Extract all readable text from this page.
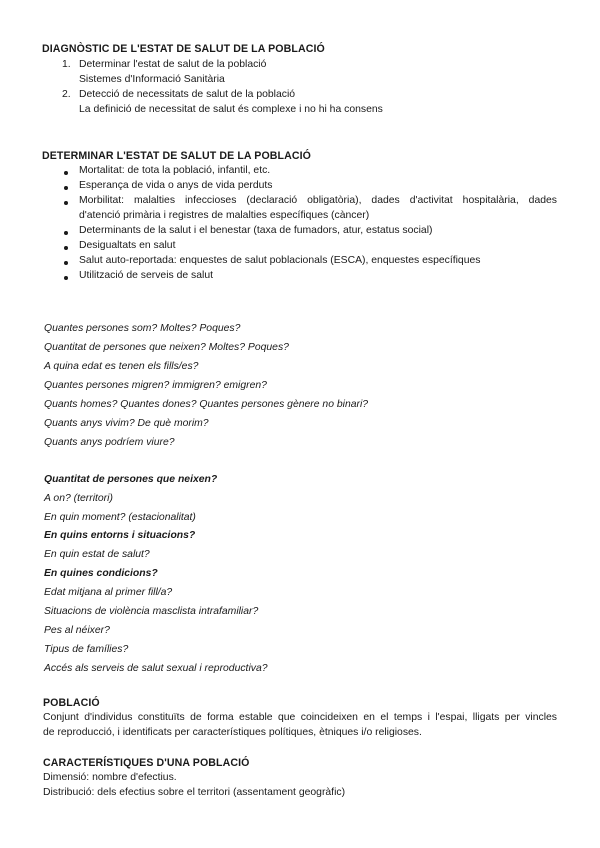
DIAGNÒSTIC DE L'ESTAT DE SALUT DE LA POBLACIÓ
1. Determinar l'estat de salut de la població
Sistemes d'Informació Sanitària
2. Detecció de necessitats de salut de la població
La definició de necessitat de salut és complexe i no hi ha consens
DETERMINAR L'ESTAT DE SALUT DE LA POBLACIÓ
Mortalitat: de tota la població, infantil, etc.
Esperança de vida o anys de vida perduts
Morbilitat: malalties infeccioses (declaració obligatòria), dades d'activitat hospitalària, dades
d'atenció primària i registres de malalties específiques (càncer)
Determinants de la salut i el benestar (taxa de fumadors, atur, estatus social)
Desigualtats en salut
Salut auto-reportada: enquestes de salut poblacionals (ESCA), enquestes específiques
Utilització de serveis de salut
Quantes persones som? Moltes? Poques?
Quantitat de persones que neixen? Moltes? Poques?
A quina edat es tenen els fills/es?
Quantes persones migren? immigren? emigren?
Quants homes? Quantes dones? Quantes persones gènere no binari?
Quants anys vivim? De què morim?
Quants anys podríem viure?
Quantitat de persones que neixen?
A on? (territori)
En quin moment? (estacionalitat)
En quins entorns i situacions?
En quin estat de salut?
En quines condicions?
Edat mitjana al primer fill/a?
Situacions de violència masclista intrafamiliar?
Pes al néixer?
Tipus de famílies?
Accés als serveis de salut sexual i reproductiva?
POBLACIÓ
Conjunt d'individus constituïts de forma estable que coincideixen en el temps i l'espai, lligats per vincles
de reproducció, i identificats per característiques polítiques, ètniques i/o religioses.
CARACTERÍSTIQUES D'UNA POBLACIÓ
Dimensió: nombre d'efectius.
Distribució: dels efectius sobre el territori (assentament geogràfic)
